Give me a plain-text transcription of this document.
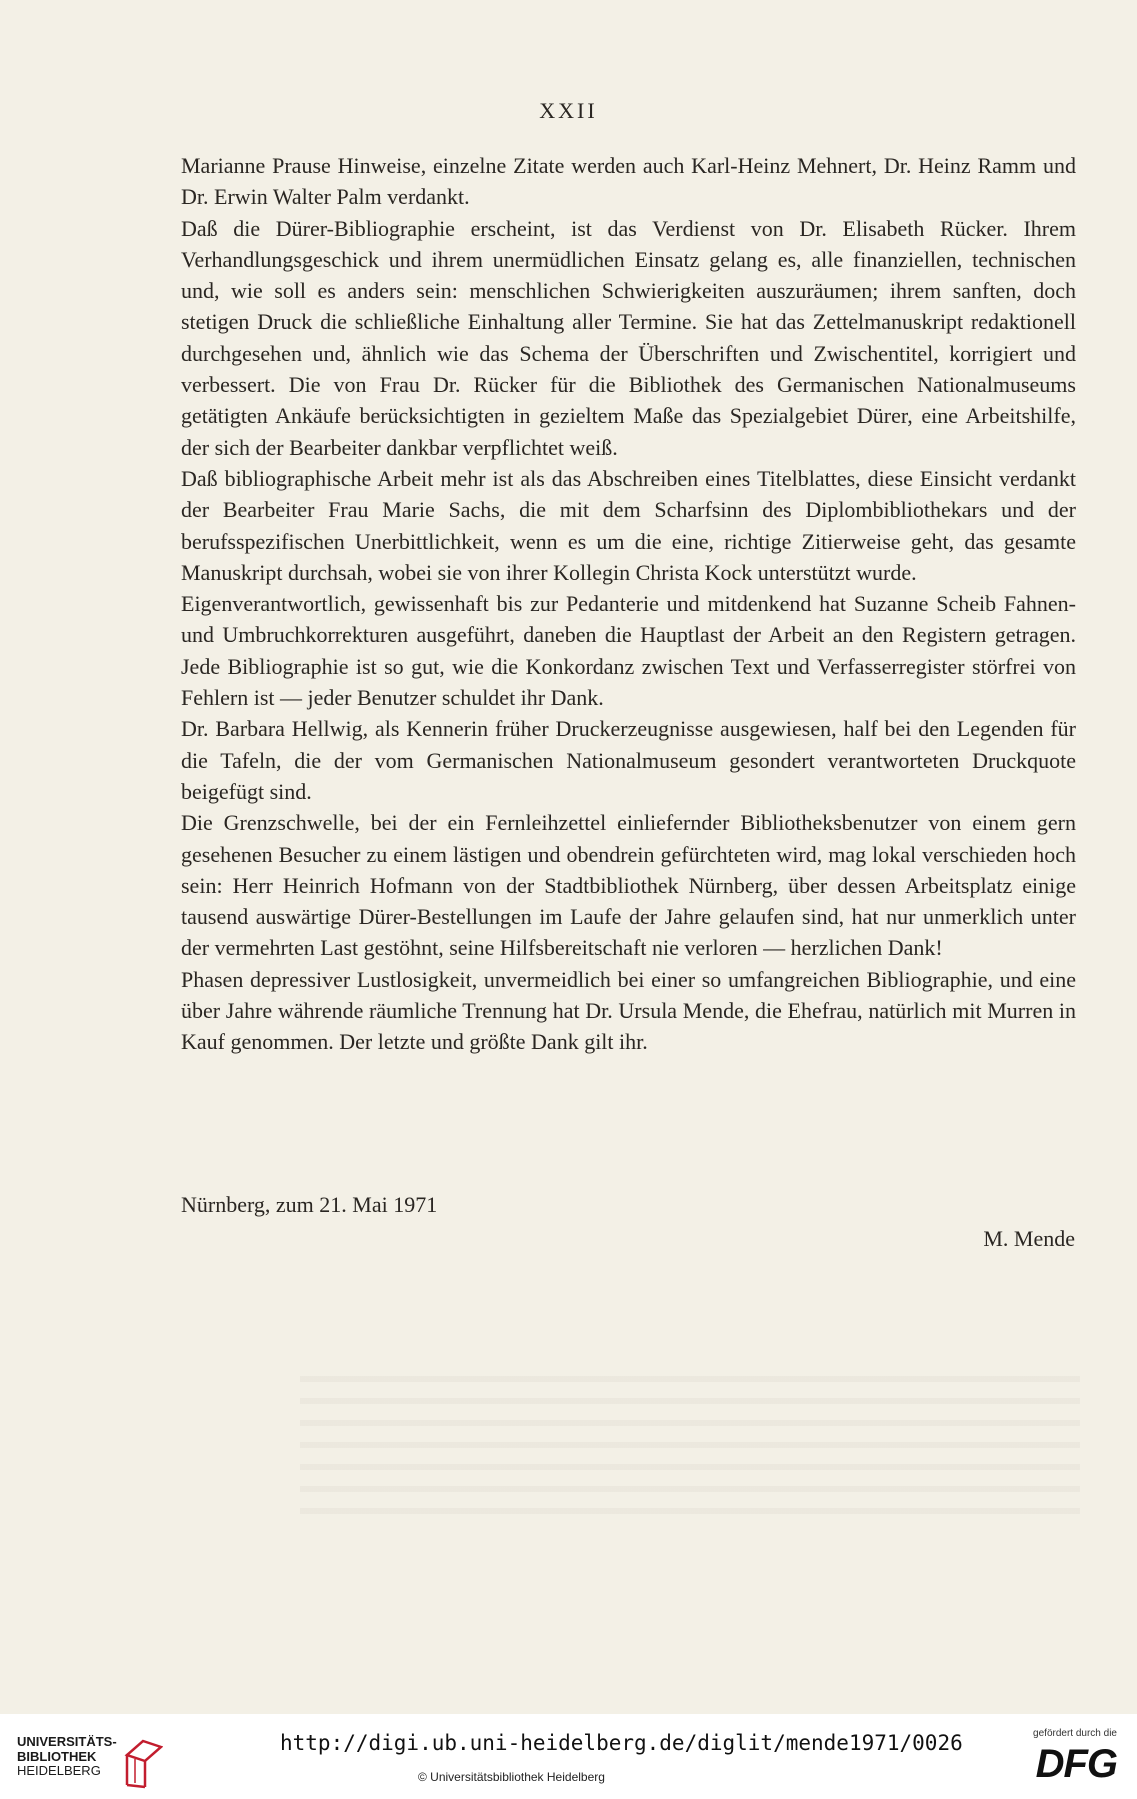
XXII

Marianne Prause Hinweise, einzelne Zitate werden auch Karl-Heinz Mehnert, Dr. Heinz Ramm und Dr. Erwin Walter Palm verdankt.

Daß die Dürer-Bibliographie erscheint, ist das Verdienst von Dr. Elisabeth Rücker. Ihrem Verhandlungsgeschick und ihrem unermüdlichen Einsatz gelang es, alle finanziellen, technischen und, wie soll es anders sein: menschlichen Schwierigkeiten auszuräumen; ihrem sanften, doch stetigen Druck die schließliche Einhaltung aller Termine. Sie hat das Zettelmanuskript redaktionell durchgesehen und, ähnlich wie das Schema der Überschriften und Zwischentitel, korrigiert und verbessert. Die von Frau Dr. Rücker für die Bibliothek des Germanischen Nationalmuseums getätigten Ankäufe berücksichtigten in gezieltem Maße das Spezialgebiet Dürer, eine Arbeitshilfe, der sich der Bearbeiter dankbar verpflichtet weiß.

Daß bibliographische Arbeit mehr ist als das Abschreiben eines Titelblattes, diese Einsicht verdankt der Bearbeiter Frau Marie Sachs, die mit dem Scharfsinn des Diplombibliothekars und der berufsspezifischen Unerbittlichkeit, wenn es um die eine, richtige Zitierweise geht, das gesamte Manuskript durchsah, wobei sie von ihrer Kollegin Christa Kock unterstützt wurde.

Eigenverantwortlich, gewissenhaft bis zur Pedanterie und mitdenkend hat Suzanne Scheib Fahnen- und Umbruchkorrekturen ausgeführt, daneben die Hauptlast der Arbeit an den Registern getragen. Jede Bibliographie ist so gut, wie die Konkordanz zwischen Text und Verfasserregister störfrei von Fehlern ist — jeder Benutzer schuldet ihr Dank.

Dr. Barbara Hellwig, als Kennerin früher Druckerzeugnisse ausgewiesen, half bei den Legenden für die Tafeln, die der vom Germanischen Nationalmuseum gesondert verantworteten Druckquote beigefügt sind.

Die Grenzschwelle, bei der ein Fernleihzettel einliefernder Bibliotheksbenutzer von einem gern gesehenen Besucher zu einem lästigen und obendrein gefürchteten wird, mag lokal verschieden hoch sein: Herr Heinrich Hofmann von der Stadtbibliothek Nürnberg, über dessen Arbeitsplatz einige tausend auswärtige Dürer-Bestellungen im Laufe der Jahre gelaufen sind, hat nur unmerklich unter der vermehrten Last gestöhnt, seine Hilfsbereitschaft nie verloren — herzlichen Dank!

Phasen depressiver Lustlosigkeit, unvermeidlich bei einer so umfangreichen Bibliographie, und eine über Jahre währende räumliche Trennung hat Dr. Ursula Mende, die Ehefrau, natürlich mit Murren in Kauf genommen. Der letzte und größte Dank gilt ihr.

Nürnberg, zum 21. Mai 1971
M. Mende
UNIVERSITÄTS-
BIBLIOTHEK
HEIDELBERG
http://digi.ub.uni-heidelberg.de/diglit/mende1971/0026
© Universitätsbibliothek Heidelberg
gefördert durch die
DFG
